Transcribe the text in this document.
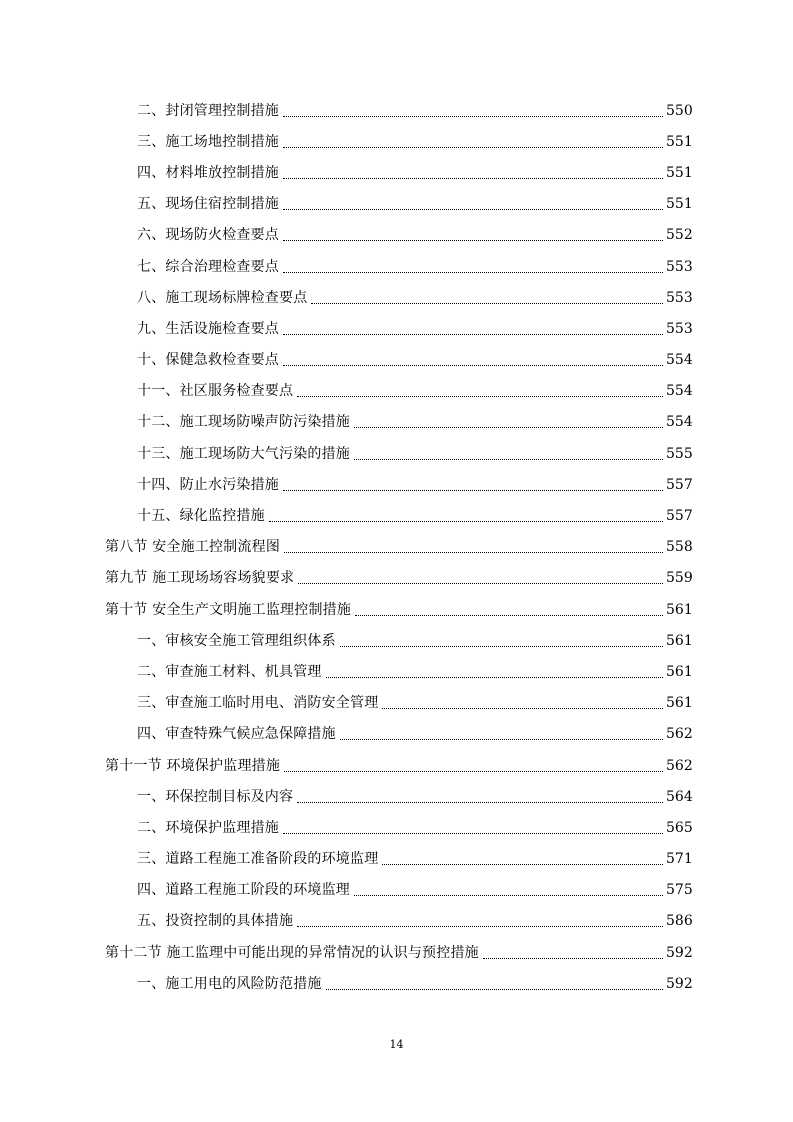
二、封闭管理控制措施	550
三、施工场地控制措施	551
四、材料堆放控制措施	551
五、现场住宿控制措施	551
六、现场防火检查要点	552
七、综合治理检查要点	553
八、施工现场标牌检查要点	553
九、生活设施检查要点	553
十、保健急救检查要点	554
十一、社区服务检查要点	554
十二、施工现场防噪声防污染措施	554
十三、施工现场防大气污染的措施	555
十四、防止水污染措施	557
十五、绿化监控措施	557
第八节 安全施工控制流程图	558
第九节 施工现场场容场貌要求	559
第十节 安全生产文明施工监理控制措施	561
一、审核安全施工管理组织体系	561
二、审查施工材料、机具管理	561
三、审查施工临时用电、消防安全管理	561
四、审查特殊气候应急保障措施	562
第十一节 环境保护监理措施	562
一、环保控制目标及内容	564
二、环境保护监理措施	565
三、道路工程施工准备阶段的环境监理	571
四、道路工程施工阶段的环境监理	575
五、投资控制的具体措施	586
第十二节 施工监理中可能出现的异常情况的认识与预控措施	592
一、施工用电的风险防范措施	592
14
